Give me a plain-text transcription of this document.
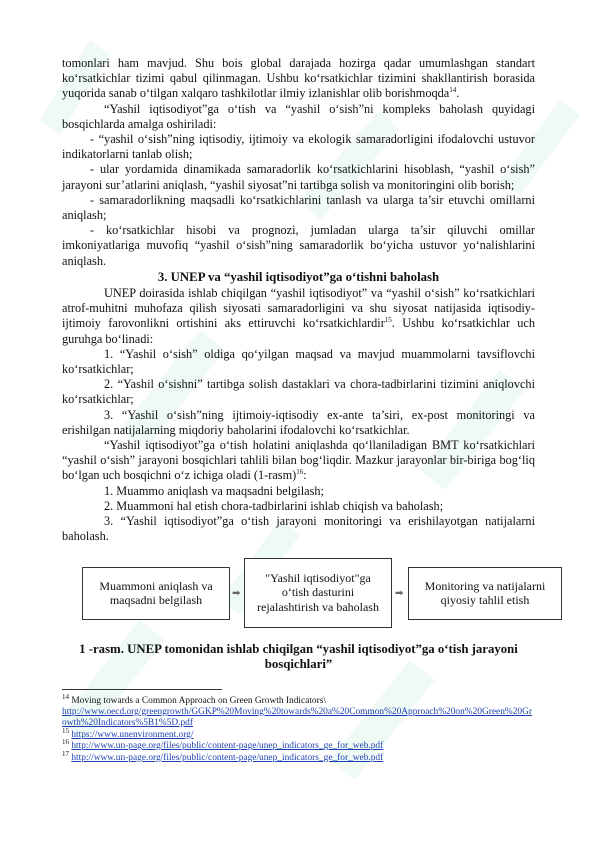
tomonlari ham mavjud. Shu bois global darajada hozirga qadar umumlashgan standart koʻrsatkichlar tizimi qabul qilinmagan. Ushbu koʻrsatkichlar tizimini shakllantirish borasida yuqorida sanab oʻtilgan xalqaro tashkilotlar ilmiy izlanishlar olib borishmoqda$^{14}$.

“Yashil iqtisodiyot”ga oʻtish va “yashil oʻsish”ni kompleks baholash quyidagi bosqichlarda amalga oshiriladi:

- “yashil oʻsish”ning iqtisodiy, ijtimoiy va ekologik samaradorligini ifodalovchi ustuvor indikatorlarni tanlab olish;

- ular yordamida dinamikada samaradorlik koʻrsatkichlarini hisoblash, “yashil oʻsish” jarayoni sur’atlarini aniqlash, “yashil siyosat”ni tartibga solish va monitoringini olib borish;

- samaradorlikning maqsadli koʻrsatkichlarini tanlash va ularga ta’sir etuvchi omillarni aniqlash;

- koʻrsatkichlar hisobi va prognozi, jumladan ularga ta’sir qiluvchi omillar imkoniyatlariga muvofiq “yashil oʻsish”ning samaradorlik boʻyicha ustuvor yoʻnalishlarini aniqlash.

3. UNEP va “yashil iqtisodiyot”ga oʻtishni baholash

UNEP doirasida ishlab chiqilgan “yashil iqtisodiyot” va “yashil oʻsish” koʻrsatkichlari atrof-muhitni muhofaza qilish siyosati samaradorligini va shu siyosat natijasida iqtisodiy-ijtimoiy farovonlikni ortishini aks ettiruvchi koʻrsatkichlardir$^{15}$. Ushbu koʻrsatkichlar uch guruhga boʻlinadi:

1. “Yashil oʻsish” oldiga qoʻyilgan maqsad va mavjud muammolarni tavsiflovchi koʻrsatkichlar;

2. “Yashil oʻsishni” tartibga solish dastaklari va chora-tadbirlarini tizimini aniqlovchi koʻrsatkichlar;

3. “Yashil oʻsish”ning ijtimoiy-iqtisodiy ex-ante ta’siri, ex-post monitoringi va erishilgan natijalarning miqdoriy baholarini ifodalovchi koʻrsatkichlar.

“Yashil iqtisodiyot”ga oʻtish holatini aniqlashda qoʻllaniladigan BMT koʻrsatkichlari “yashil oʻsish” jarayoni bosqichlari tahlili bilan bogʻliqdir. Mazkur jarayonlar bir-biriga bogʻliq boʻlgan uch bosqichni oʻz ichiga oladi (1-rasm)$^{16}$:

1. Muammo aniqlash va maqsadni belgilash;

2. Muammoni hal etish chora-tadbirlarini ishlab chiqish va baholash;

3. “Yashil iqtisodiyot”ga oʻtish jarayoni monitoringi va erishilayotgan natijalarni baholash.

Muammoni aniqlash va maqsadni belgilash	➡
"Yashil iqtisodiyot"ga oʻtish dasturini rejalashtirish va baholash
➡
Monitoring va natijalarni qiyosiy tahlil etish

1 -rasm. UNEP tomonidan ishlab chiqilgan “yashil iqtisodiyot”ga oʻtish jarayoni bosqichlari”

$^{14}$ Moving towards a Common Approach on Green Growth Indicators\
http://www.oecd.org/greengrowth/GGKP%20Moving%20towards%20a%20Common%20Approach%20on%20Green%20Growth%20Indicators%5B1%5D.pdf

$^{15}$ https://www.unenvironment.org/

$^{16}$ http://www.un-page.org/files/public/content-page/unep_indicators_ge_for_web.pdf

$^{17}$ http://www.un-page.org/files/public/content-page/unep_indicators_ge_for_web.pdf
